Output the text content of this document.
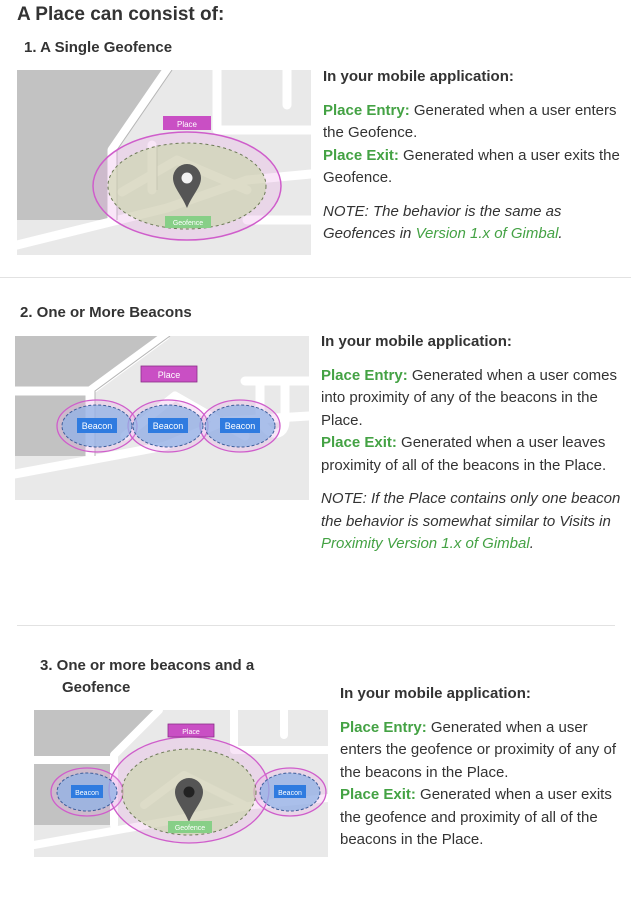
A Place can consist of:
1. A Single Geofence
Place
Geofence
In your mobile application:
Place Entry: Generated when a user enters the Geofence.
Place Exit: Generated when a user exits the Geofence.
NOTE: The behavior is the same as Geofences in Version 1.x of Gimbal.
2. One or More Beacons
Place
Beacon	Beacon	Beacon
In your mobile application:
Place Entry: Generated when a user comes into proximity of any of the beacons in the Place.
Place Exit: Generated when a user leaves proximity of all of the beacons in the Place.
NOTE: If the Place contains only one beacon the behavior is somewhat similar to Visits in Proximity Version 1.x of Gimbal.
3. One or more beacons and a
Geofence
Place
Geofence
Beacon	Beacon
In your mobile application:
Place Entry: Generated when a user enters the geofence or proximity of any of the beacons in the Place.
Place Exit: Generated when a user exits the geofence and proximity of all of the beacons in the Place.
